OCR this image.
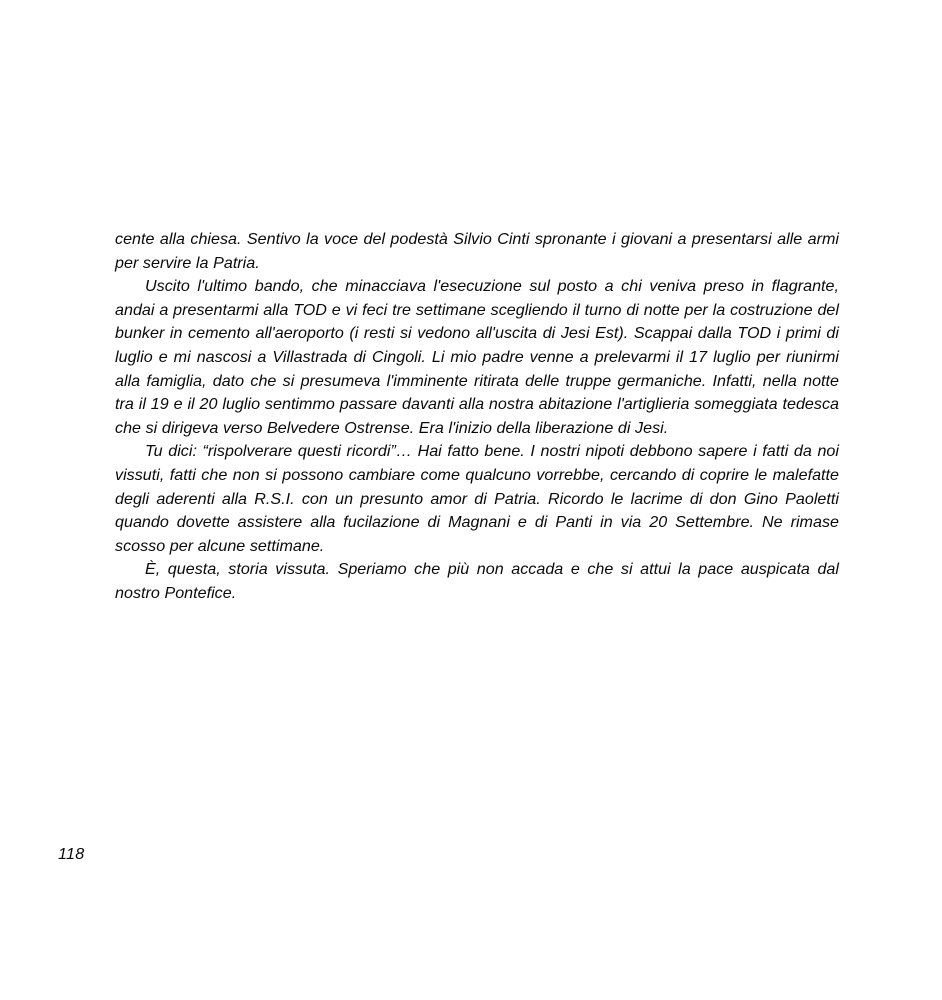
cente alla chiesa. Sentivo la voce del podestà Silvio Cinti spronante i giovani a presentarsi alle armi per servire la Patria.

Uscito l'ultimo bando, che minacciava l'esecuzione sul posto a chi veniva preso in flagrante, andai a presentarmi alla TOD e vi feci tre settimane scegliendo il turno di notte per la costruzione del bunker in cemento all'aeroporto (i resti si vedono all'uscita di Jesi Est). Scappai dalla TOD i primi di luglio e mi nascosi a Villastrada di Cingoli. Li mio padre venne a prelevarmi il 17 luglio per riunirmi alla famiglia, dato che si presumeva l'imminente ritirata delle truppe germaniche. Infatti, nella notte tra il 19 e il 20 luglio sentimmo passare davanti alla nostra abitazione l'artiglieria someggiata tedesca che si dirigeva verso Belvedere Ostrense. Era l'inizio della liberazione di Jesi.

Tu dici: “rispolverare questi ricordi”… Hai fatto bene. I nostri nipoti debbono sapere i fatti da noi vissuti, fatti che non si possono cambiare come qualcuno vorrebbe, cercando di coprire le malefatte degli aderenti alla R.S.I. con un presunto amor di Patria. Ricordo le lacrime di don Gino Paoletti quando dovette assistere alla fucilazione di Magnani e di Panti in via 20 Settembre. Ne rimase scosso per alcune settimane.

È, questa, storia vissuta. Speriamo che più non accada e che si attui la pace auspicata dal nostro Pontefice.

118
